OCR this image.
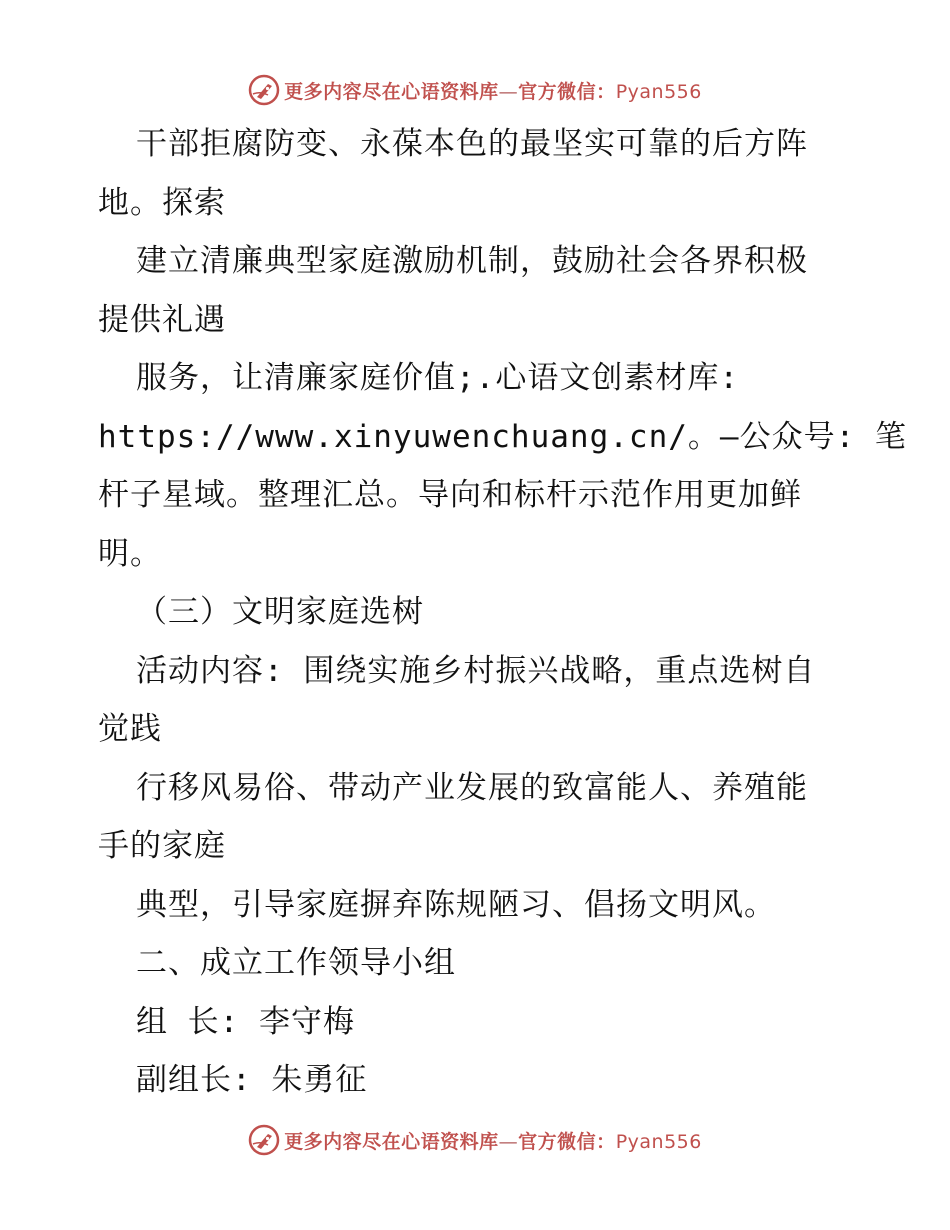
更多内容尽在心语资料库—官方微信：Pyan556
干部拒腐防变、永葆本色的最坚实可靠的后方阵
地。探索
建立清廉典型家庭激励机制，鼓励社会各界积极
提供礼遇
服务，让清廉家庭价值;.心语文创素材库:
https://www.xinyuwenchuang.cn/。—公众号: 笔
杆子星域。整理汇总。导向和标杆示范作用更加鲜
明。
（三）文明家庭选树
活动内容: 围绕实施乡村振兴战略，重点选树自
觉践
行移风易俗、带动产业发展的致富能人、养殖能
手的家庭
典型，引导家庭摒弃陈规陋习、倡扬文明风。
二、成立工作领导小组
组 长: 李守梅
副组长: 朱勇征
更多内容尽在心语资料库—官方微信：Pyan556
